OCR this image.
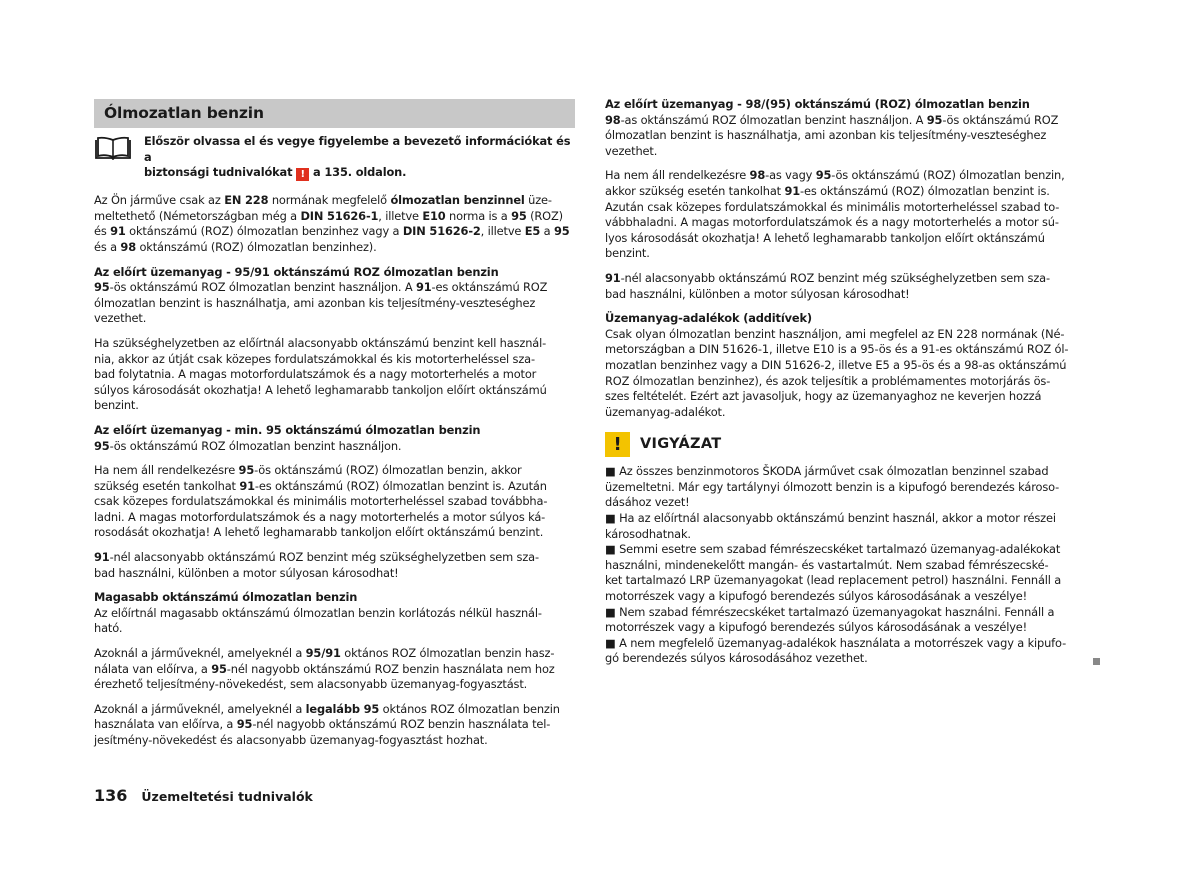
Ólmozatlan benzin
Először olvassa el és vegye figyelembe a bevezető információkat és a
biztonsági tudnivalókat ! a 135. oldalon.

Az Ön járműve csak az EN 228 normának megfelelő ólmozatlan benzinnel üze-
meltethető (Németországban még a DIN 51626-1, illetve E10 norma is a 95 (ROZ)
és 91 oktánszámú (ROZ) ólmozatlan benzinhez vagy a DIN 51626-2, illetve E5 a 95
és a 98 oktánszámú (ROZ) ólmozatlan benzinhez).

Az előírt üzemanyag - 95/91 oktánszámú ROZ ólmozatlan benzin
95-ös oktánszámú ROZ ólmozatlan benzint használjon. A 91-es oktánszámú ROZ
ólmozatlan benzint is használhatja, ami azonban kis teljesítmény-veszteséghez
vezethet.

Ha szükséghelyzetben az előírtnál alacsonyabb oktánszámú benzint kell használ-
nia, akkor az útját csak közepes fordulatszámokkal és kis motorterheléssel sza-
bad folytatnia. A magas motorfordulatszámok és a nagy motorterhelés a motor
súlyos károsodását okozhatja! A lehető leghamarabb tankoljon előírt oktánszámú
benzint.

Az előírt üzemanyag - min. 95 oktánszámú ólmozatlan benzin
95-ös oktánszámú ROZ ólmozatlan benzint használjon.

Ha nem áll rendelkezésre 95-ös oktánszámú (ROZ) ólmozatlan benzin, akkor
szükség esetén tankolhat 91-es oktánszámú (ROZ) ólmozatlan benzint is. Azután
csak közepes fordulatszámokkal és minimális motorterheléssel szabad továbbha-
ladni. A magas motorfordulatszámok és a nagy motorterhelés a motor súlyos ká-
rosodását okozhatja! A lehető leghamarabb tankoljon előírt oktánszámú benzint.

91-nél alacsonyabb oktánszámú ROZ benzint még szükséghelyzetben sem sza-
bad használni, különben a motor súlyosan károsodhat!

Magasabb oktánszámú ólmozatlan benzin
Az előírtnál magasabb oktánszámú ólmozatlan benzin korlátozás nélkül használ-
ható.

Azoknál a járműveknél, amelyeknél a 95/91 oktános ROZ ólmozatlan benzin hasz-
nálata van előírva, a 95-nél nagyobb oktánszámú ROZ benzin használata nem hoz
érezhető teljesítmény-növekedést, sem alacsonyabb üzemanyag-fogyasztást.

Azoknál a járműveknél, amelyeknél a legalább 95 oktános ROZ ólmozatlan benzin
használata van előírva, a 95-nél nagyobb oktánszámú ROZ benzin használata tel-
jesítmény-növekedést és alacsonyabb üzemanyag-fogyasztást hozhat.

Az előírt üzemanyag - 98/(95) oktánszámú (ROZ) ólmozatlan benzin
98-as oktánszámú ROZ ólmozatlan benzint használjon. A 95-ös oktánszámú ROZ
ólmozatlan benzint is használhatja, ami azonban kis teljesítmény-veszteséghez
vezethet.

Ha nem áll rendelkezésre 98-as vagy 95-ös oktánszámú (ROZ) ólmozatlan benzin,
akkor szükség esetén tankolhat 91-es oktánszámú (ROZ) ólmozatlan benzint is.
Azután csak közepes fordulatszámokkal és minimális motorterheléssel szabad to-
vábbhaladni. A magas motorfordulatszámok és a nagy motorterhelés a motor sú-
lyos károsodását okozhatja! A lehető leghamarabb tankoljon előírt oktánszámú
benzint.

91-nél alacsonyabb oktánszámú ROZ benzint még szükséghelyzetben sem sza-
bad használni, különben a motor súlyosan károsodhat!

Üzemanyag-adalékok (additívek)
Csak olyan ólmozatlan benzint használjon, ami megfelel az EN 228 normának (Né-
metországban a DIN 51626-1, illetve E10 is a 95-ös és a 91-es oktánszámú ROZ ól-
mozatlan benzinhez vagy a DIN 51626-2, illetve E5 a 95-ös és a 98-as oktánszámú
ROZ ólmozatlan benzinhez), és azok teljesítik a problémamentes motorjárás ös-
szes feltételét. Ezért azt javasoljuk, hogy az üzemanyaghoz ne keverjen hozzá
üzemanyag-adalékot.

!	VIGYÁZAT
■ Az összes benzinmotoros ŠKODA járművet csak ólmozatlan benzinnel szabad
üzemeltetni. Már egy tartálynyi ólmozott benzin is a kipufogó berendezés károso-
dásához vezet!
■ Ha az előírtnál alacsonyabb oktánszámú benzint használ, akkor a motor részei
károsodhatnak.
■ Semmi esetre sem szabad fémrészecskéket tartalmazó üzemanyag-adalékokat
használni, mindenekelőtt mangán- és vastartalmút. Nem szabad fémrészecské-
ket tartalmazó LRP üzemanyagokat (lead replacement petrol) használni. Fennáll a
motorrészek vagy a kipufogó berendezés súlyos károsodásának a veszélye!
■ Nem szabad fémrészecskéket tartalmazó üzemanyagokat használni. Fennáll a
motorrészek vagy a kipufogó berendezés súlyos károsodásának a veszélye!
■ A nem megfelelő üzemanyag-adalékok használata a motorrészek vagy a kipufo-
gó berendezés súlyos károsodásához vezethet.
136 Üzemeltetési tudnivalók
